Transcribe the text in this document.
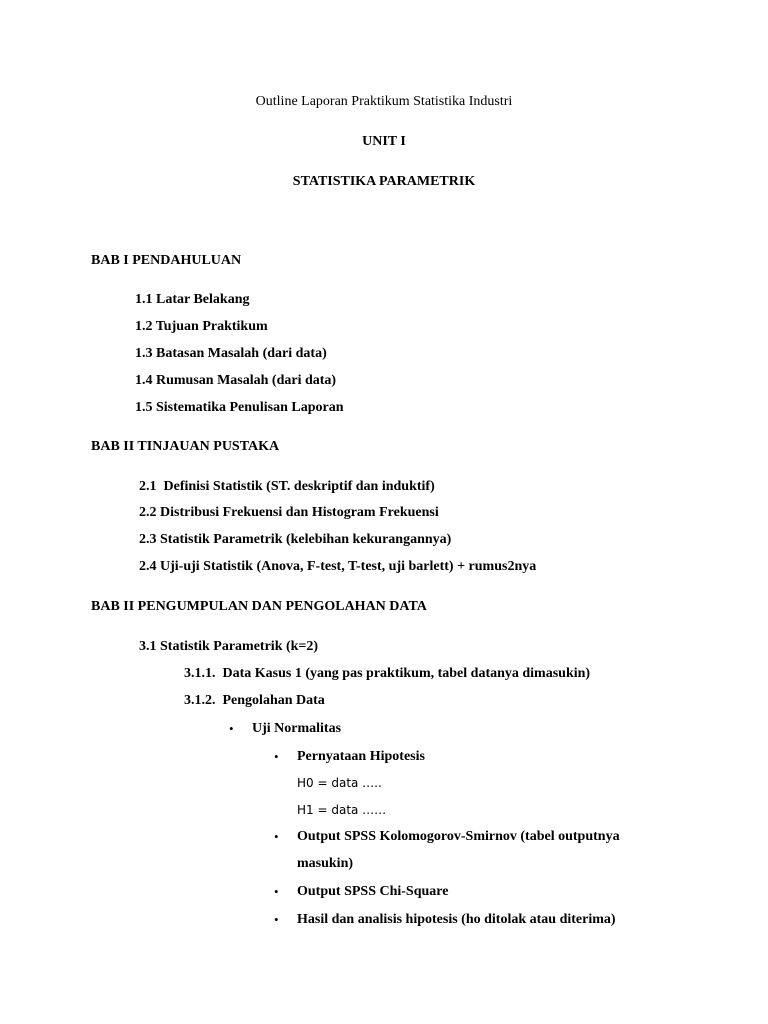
Outline Laporan Praktikum Statistika Industri
UNIT I
STATISTIKA PARAMETRIK
BAB I PENDAHULUAN
1.1 Latar Belakang
1.2 Tujuan Praktikum
1.3 Batasan Masalah (dari data)
1.4 Rumusan Masalah (dari data)
1.5 Sistematika Penulisan Laporan
BAB II TINJAUAN PUSTAKA
2.1  Definisi Statistik (ST. deskriptif dan induktif)
2.2 Distribusi Frekuensi dan Histogram Frekuensi
2.3 Statistik Parametrik (kelebihan kekurangannya)
2.4 Uji-uji Statistik (Anova, F-test, T-test, uji barlett) + rumus2nya
BAB II PENGUMPULAN DAN PENGOLAHAN DATA
3.1 Statistik Parametrik (k=2)
3.1.1.  Data Kasus 1 (yang pas praktikum, tabel datanya dimasukin)
3.1.2.  Pengolahan Data
• Uji Normalitas
• Pernyataan Hipotesis
H0 = data …..
H1 = data ……
• Output SPSS Kolomogorov-Smirnov (tabel outputnya
masukin)
• Output SPSS Chi-Square
• Hasil dan analisis hipotesis (ho ditolak atau diterima)
